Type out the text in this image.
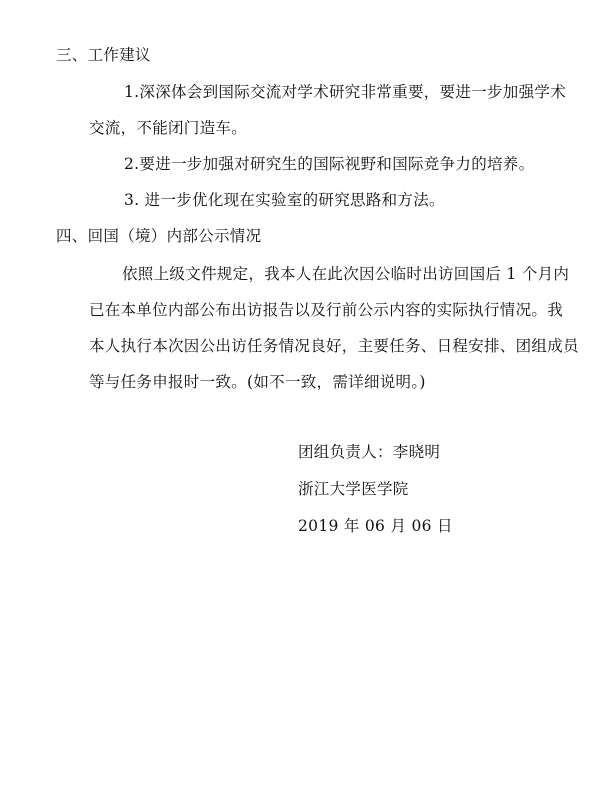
三、工作建议
1.深深体会到国际交流对学术研究非常重要，要进一步加强学术
交流，不能闭门造车。
2.要进一步加强对研究生的国际视野和国际竞争力的培养。
3. 进一步优化现在实验室的研究思路和方法。
四、回国（境）内部公示情况
依照上级文件规定，我本人在此次因公临时出访回国后 1 个月内
已在本单位内部公布出访报告以及行前公示内容的实际执行情况。我
本人执行本次因公出访任务情况良好，主要任务、日程安排、团组成员
等与任务申报时一致。(如不一致，需详细说明。)
团组负责人：李晓明
浙江大学医学院
2019 年 06 月 06 日
